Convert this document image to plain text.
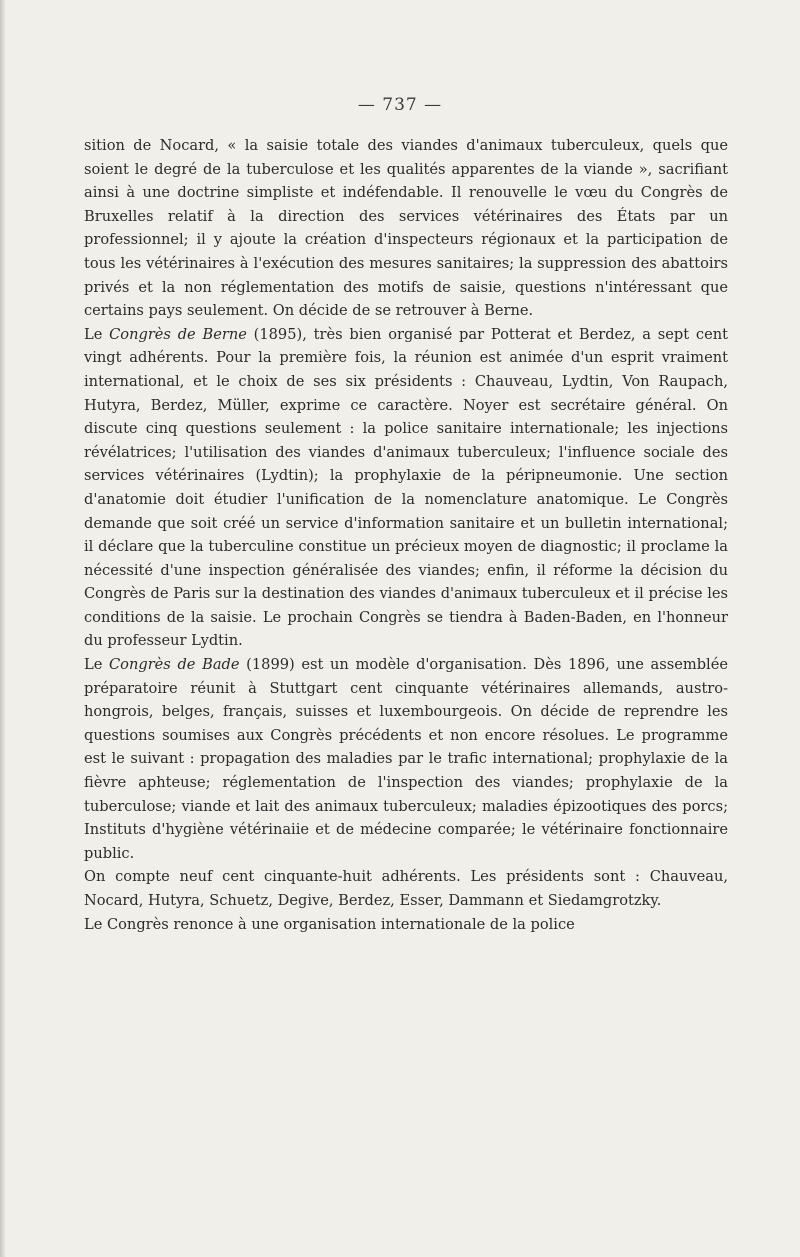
— 737 —

sition de Nocard, « la saisie totale des viandes d'animaux tuberculeux, quels que soient le degré de la tuberculose et les qualités apparentes de la viande », sacrifiant ainsi à une doctrine simpliste et indéfendable. Il renouvelle le vœu du Congrès de Bruxelles relatif à la direction des services vétérinaires des États par un professionnel; il y ajoute la création d'inspecteurs régionaux et la participation de tous les vétérinaires à l'exécution des mesures sanitaires; la suppression des abattoirs privés et la non réglementation des motifs de saisie, questions n'intéressant que certains pays seulement. On décide de se retrouver à Berne.

Le Congrès de Berne (1895), très bien organisé par Potterat et Berdez, a sept cent vingt adhérents. Pour la première fois, la réunion est animée d'un esprit vraiment international, et le choix de ses six présidents : Chauveau, Lydtin, Von Raupach, Hutyra, Berdez, Müller, exprime ce caractère. Noyer est secrétaire général. On discute cinq questions seulement : la police sanitaire internationale; les injections révélatrices; l'utilisation des viandes d'animaux tuberculeux; l'influence sociale des services vétérinaires (Lydtin); la prophylaxie de la péripneumonie. Une section d'anatomie doit étudier l'unification de la nomenclature anatomique. Le Congrès demande que soit créé un service d'information sanitaire et un bulletin international; il déclare que la tuberculine constitue un précieux moyen de diagnostic; il proclame la nécessité d'une inspection généralisée des viandes; enfin, il réforme la décision du Congrès de Paris sur la destination des viandes d'animaux tuberculeux et il précise les conditions de la saisie. Le prochain Congrès se tiendra à Baden-Baden, en l'honneur du professeur Lydtin.

Le Congrès de Bade (1899) est un modèle d'organisation. Dès 1896, une assemblée préparatoire réunit à Stuttgart cent cinquante vétérinaires allemands, austro-hongrois, belges, français, suisses et luxembourgeois. On décide de reprendre les questions soumises aux Congrès précédents et non encore résolues. Le programme est le suivant : propagation des maladies par le trafic international; prophylaxie de la fièvre aphteuse; réglementation de l'inspection des viandes; prophylaxie de la tuberculose; viande et lait des animaux tuberculeux; maladies épizootiques des porcs; Instituts d'hygiène vétérinaiie et de médecine comparée; le vétérinaire fonctionnaire public.

On compte neuf cent cinquante-huit adhérents. Les présidents sont : Chauveau, Nocard, Hutyra, Schuetz, Degive, Berdez, Esser, Dammann et Siedamgrotzky.

Le Congrès renonce à une organisation internationale de la police
